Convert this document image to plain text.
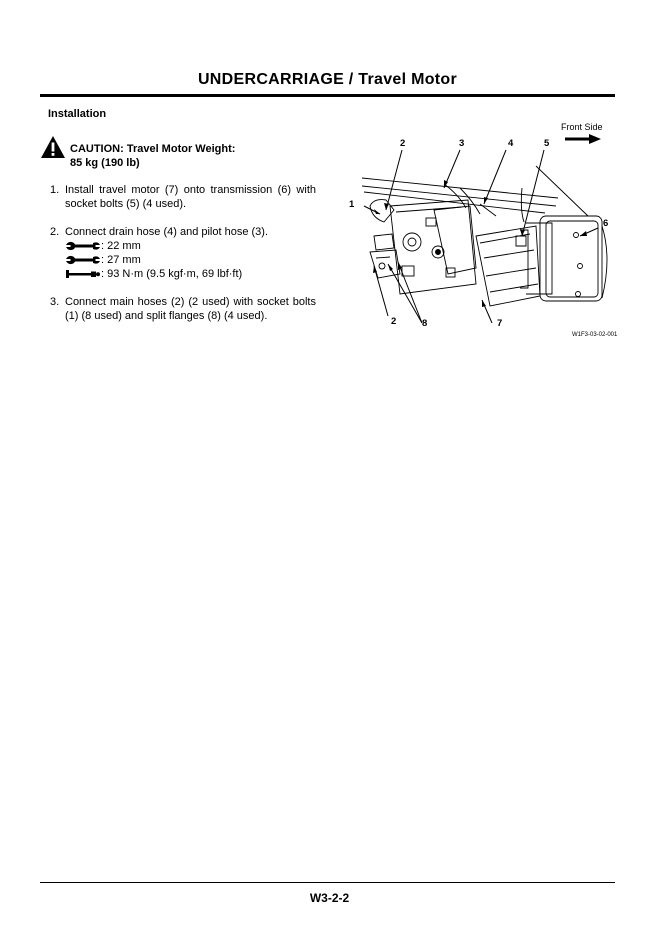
UNDERCARRIAGE / Travel Motor
Installation
CAUTION: Travel Motor Weight:
85 kg (190 lb)
1. Install travel motor (7) onto transmission (6) with socket bolts (5) (4 used).
2. Connect drain hose (4) and pilot hose (3).
: 22 mm
: 27 mm
: 93 N·m (9.5 kgf·m, 69 lbf·ft)
3. Connect main hoses (2) (2 used) with socket bolts (1) (8 used) and split flanges (8) (4 used).
Front Side
2	3	4	5
1
6
2	8	7
W1F3-03-02-001
W3-2-2
